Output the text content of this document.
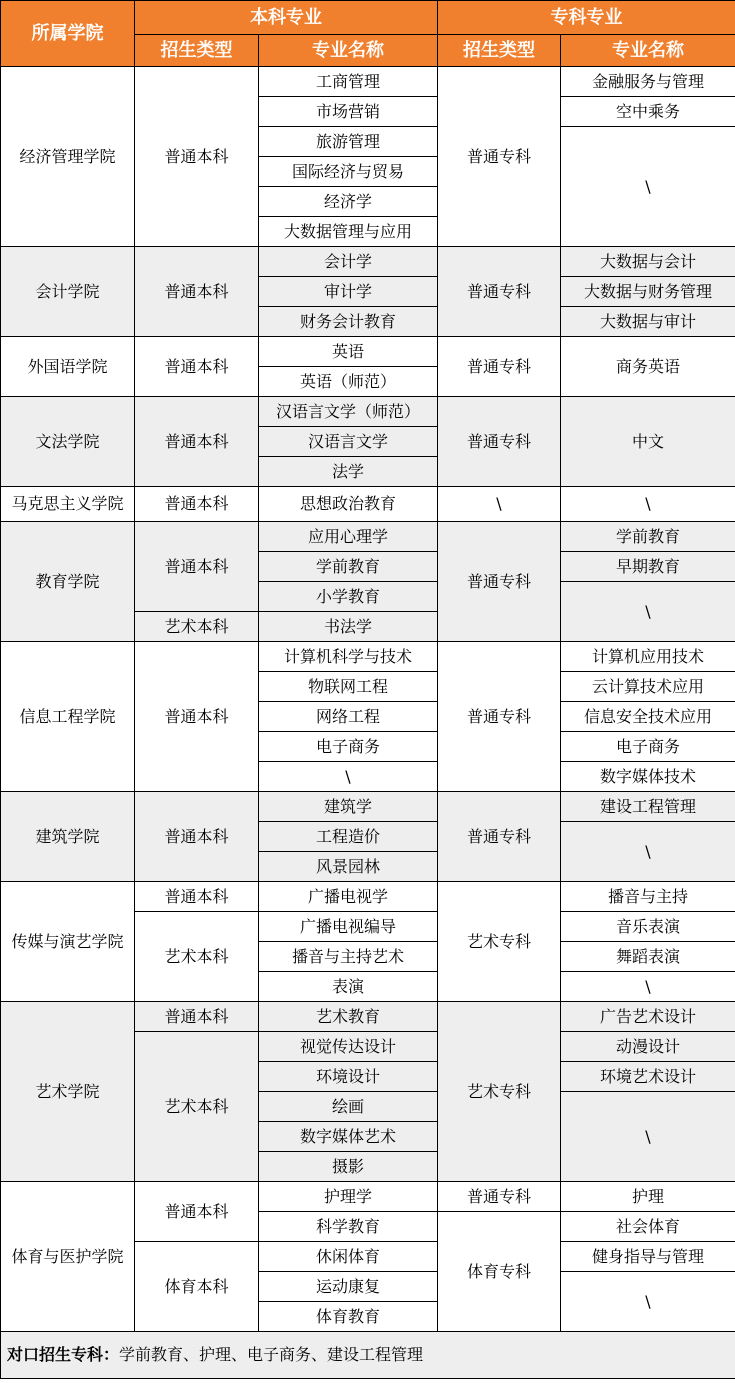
所属学院	本科专业		专科专业	
	招生类型	专业名称	招生类型	专业名称
经济管理学院	普通本科	工商管理	普通专科	金融服务与管理
		市场营销		空中乘务
		旅游管理		\
		国际经济与贸易		
		经济学		
		大数据管理与应用		
会计学院	普通本科	会计学	普通专科	大数据与会计
		审计学		大数据与财务管理
		财务会计教育		大数据与审计
外国语学院	普通本科	英语	普通专科	商务英语
		英语（师范）		
文法学院	普通本科	汉语言文学（师范）	普通专科	中文
		汉语言文学		
		法学		
马克思主义学院	普通本科	思想政治教育	\	\
教育学院	普通本科	应用心理学	普通专科	学前教育
		学前教育		早期教育
		小学教育		\
	艺术本科	书法学		
信息工程学院	普通本科	计算机科学与技术	普通专科	计算机应用技术
		物联网工程		云计算技术应用
		网络工程		信息安全技术应用
		电子商务		电子商务
		\		数字媒体技术
建筑学院	普通本科	建筑学	普通专科	建设工程管理
		工程造价		\
		风景园林		
传媒与演艺学院	普通本科	广播电视学	艺术专科	播音与主持
	艺术本科	广播电视编导		音乐表演
		播音与主持艺术		舞蹈表演
		表演		\
艺术学院	普通本科	艺术教育	艺术专科	广告艺术设计
	艺术本科	视觉传达设计		动漫设计
		环境设计		环境艺术设计
		绘画		\
		数字媒体艺术		
		摄影		
体育与医护学院	普通本科	护理学	普通专科	护理
		科学教育	体育专科	社会体育
	体育本科	休闲体育		健身指导与管理
		运动康复		\
		体育教育		
对口招生专科：学前教育、护理、电子商务、建设工程管理				
